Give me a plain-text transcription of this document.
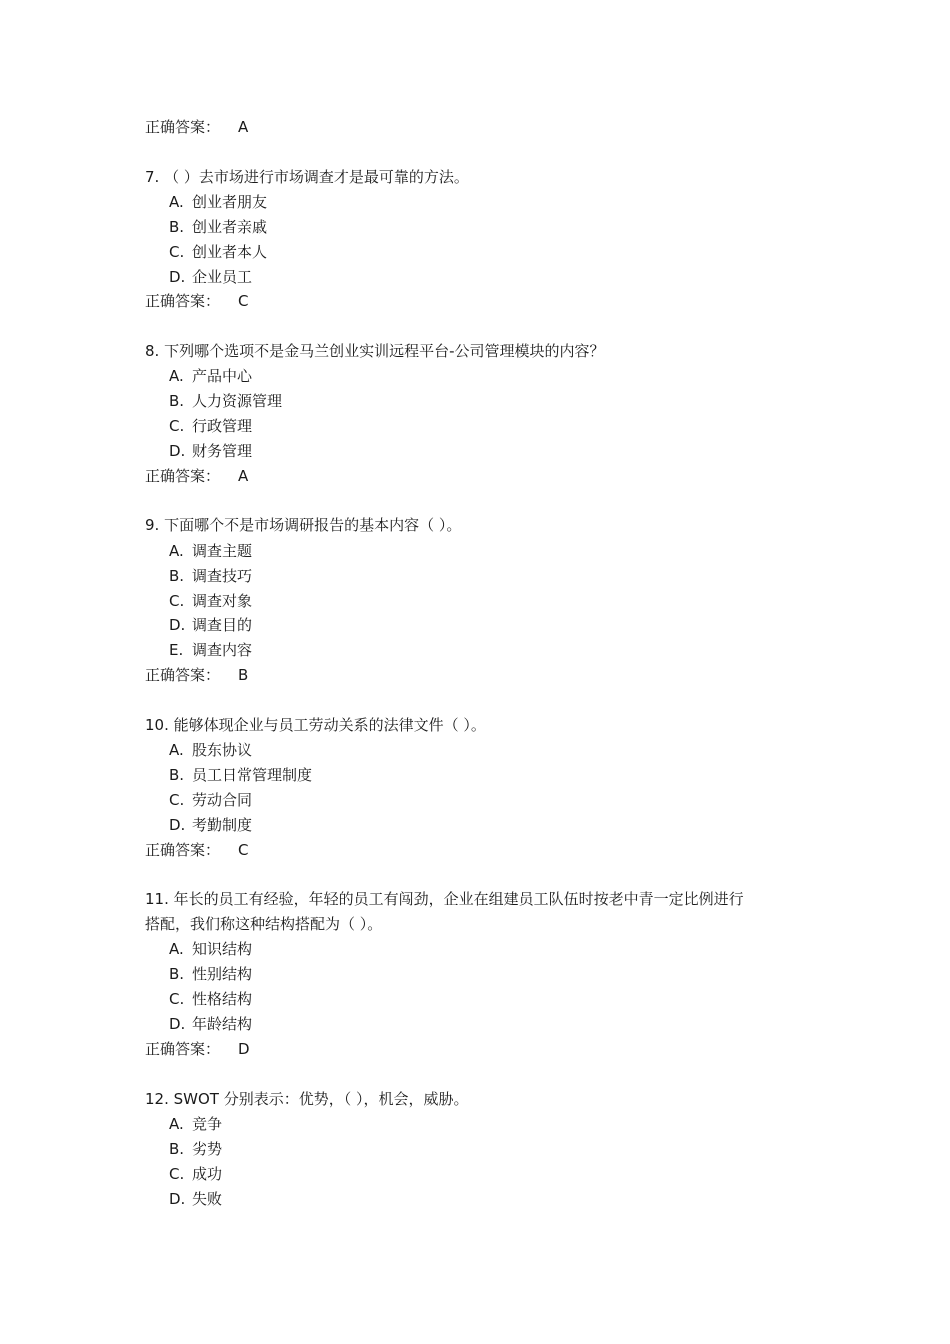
正确答案： A
7. （ ）去市场进行市场调查才是最可靠的方法。
A. 创业者朋友
B. 创业者亲戚
C. 创业者本人
D. 企业员工
正确答案： C
8. 下列哪个选项不是金马兰创业实训远程平台-公司管理模块的内容？
A. 产品中心
B. 人力资源管理
C. 行政管理
D. 财务管理
正确答案： A
9. 下面哪个不是市场调研报告的基本内容（ ）。
A. 调查主题
B. 调查技巧
C. 调查对象
D. 调查目的
E. 调查内容
正确答案： B
10. 能够体现企业与员工劳动关系的法律文件（ ）。
A. 股东协议
B. 员工日常管理制度
C. 劳动合同
D. 考勤制度
正确答案： C
11. 年长的员工有经验，年轻的员工有闯劲，企业在组建员工队伍时按老中青一定比例进行
搭配，我们称这种结构搭配为（ ）。
A. 知识结构
B. 性别结构
C. 性格结构
D. 年龄结构
正确答案： D
12. SWOT 分别表示：优势，（ ），机会，威胁。
A. 竞争
B. 劣势
C. 成功
D. 失败
